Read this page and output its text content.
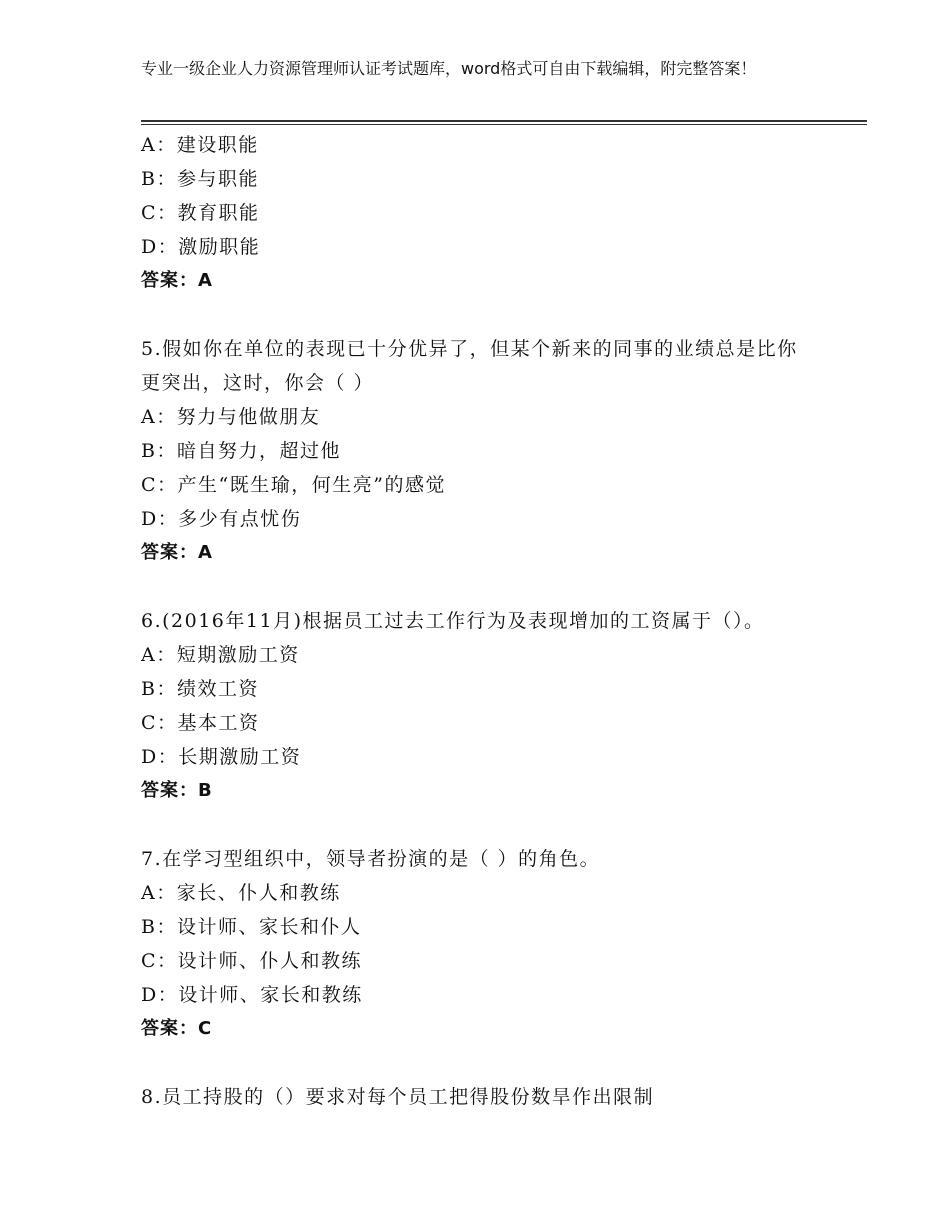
专业一级企业人力资源管理师认证考试题库，word格式可自由下载编辑，附完整答案！
A：建设职能
B：参与职能
C：教育职能
D：激励职能
答案：A
5.假如你在单位的表现已十分优异了，但某个新来的同事的业绩总是比你更突出，这时，你会（ ）
A：努力与他做朋友
B：暗自努力，超过他
C：产生“既生瑜，何生亮”的感觉
D：多少有点忧伤
答案：A
6.(2016年11月)根据员工过去工作行为及表现增加的工资属于（）。
A：短期激励工资
B：绩效工资
C：基本工资
D：长期激励工资
答案：B
7.在学习型组织中，领导者扮演的是（ ）的角色。
A：家长、仆人和教练
B：设计师、家长和仆人
C：设计师、仆人和教练
D：设计师、家长和教练
答案：C
8.员工持股的（）要求对每个员工把得股份数旱作出限制
